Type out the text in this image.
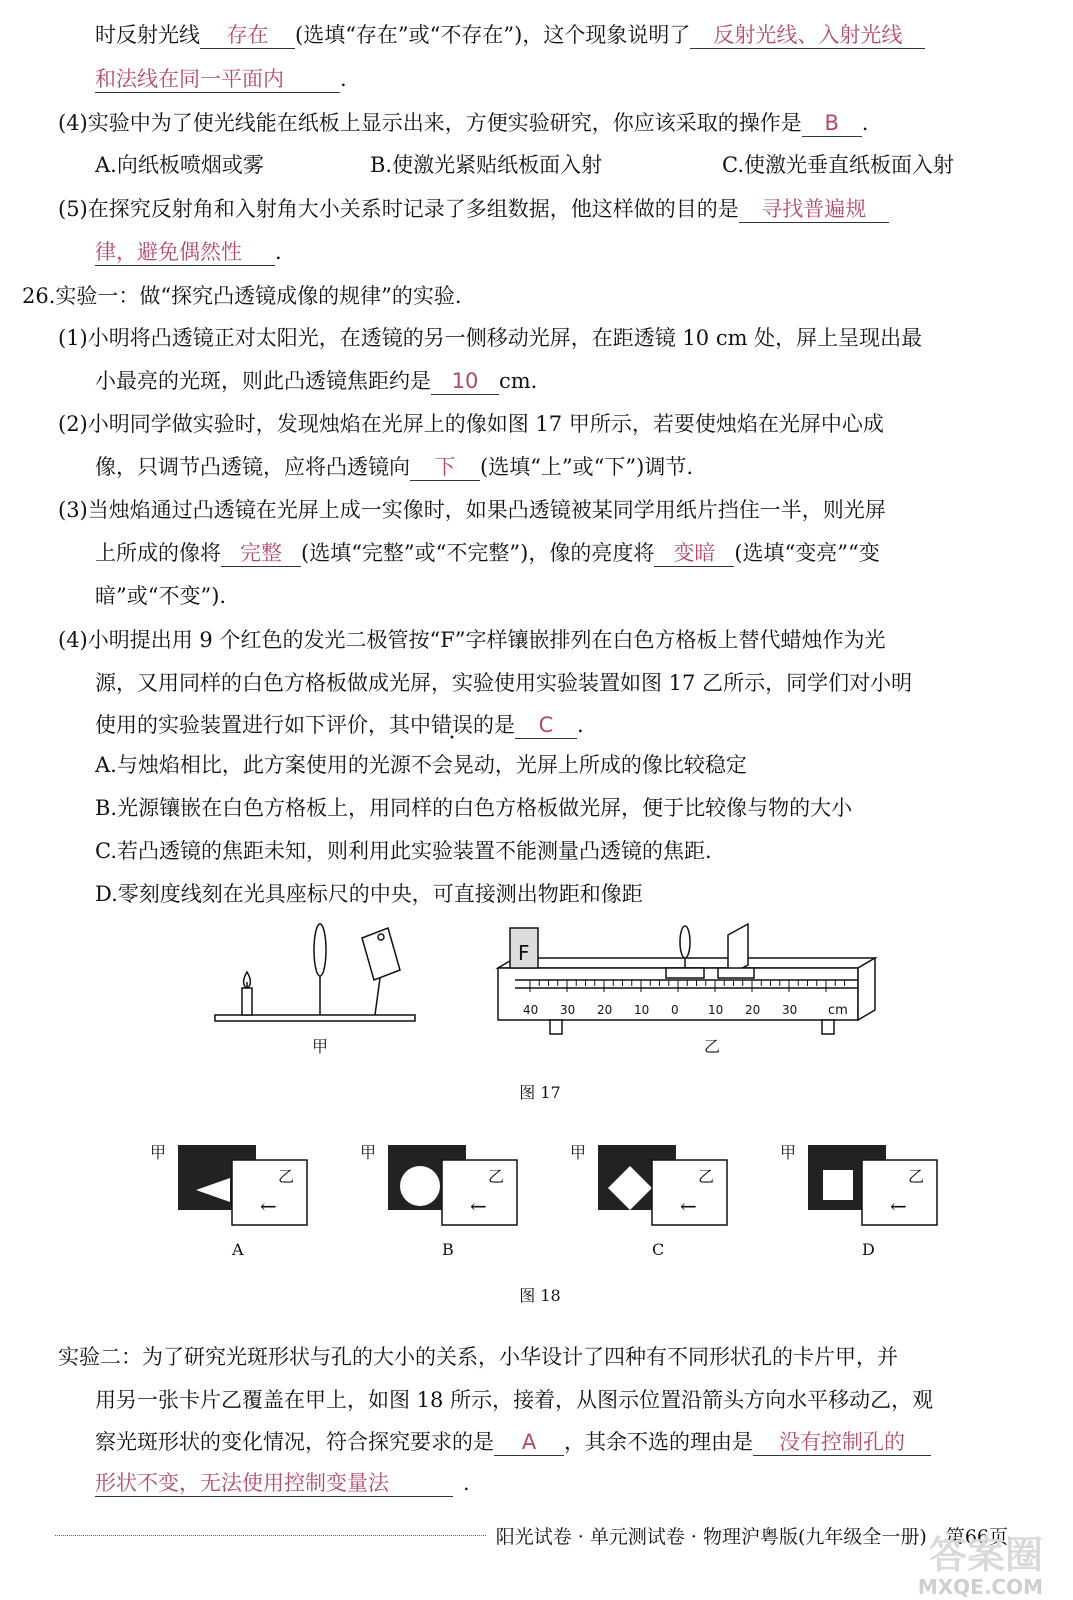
时反射光线 存在 (选填“存在”或“不存在”)，这个现象说明了 反射光线、入射光线
和法线在同一平面内	.
(4)实验中为了使光线能在纸板上显示出来，方便实验研究，你应该采取的操作是 B .
A.向纸板喷烟或雾	B.使激光紧贴纸板面入射	C.使激光垂直纸板面入射
(5)在探究反射角和入射角大小关系时记录了多组数据，他这样做的目的是 寻找普遍规
律，避免偶然性 .
26.实验一：做“探究凸透镜成像的规律”的实验.
(1)小明将凸透镜正对太阳光，在透镜的另一侧移动光屏，在距透镜 10 cm 处，屏上呈现出最
小最亮的光斑，则此凸透镜焦距约是 10 cm.
(2)小明同学做实验时，发现烛焰在光屏上的像如图 17 甲所示，若要使烛焰在光屏中心成
像，只调节凸透镜，应将凸透镜向 下 (选填“上”或“下”)调节.
(3)当烛焰通过凸透镜在光屏上成一实像时，如果凸透镜被某同学用纸片挡住一半，则光屏
上所成的像将 完整 (选填“完整”或“不完整”)，像的亮度将 变暗 (选填“变亮”“变
暗”或“不变”).
(4)小明提出用 9 个红色的发光二极管按“F”字样镶嵌排列在白色方格板上替代蜡烛作为光
源，又用同样的白色方格板做成光屏，实验使用实验装置如图 17 乙所示，同学们对小明
使用的实验装置进行如下评价，其中错误的是 C .
A.与烛焰相比，此方案使用的光源不会晃动，光屏上所成的像比较稳定
B.光源镶嵌在白色方格板上，用同样的白色方格板做光屏，便于比较像与物的大小
C.若凸透镜的焦距未知，则利用此实验装置不能测量凸透镜的焦距.
D.零刻度线刻在光具座标尺的中央，可直接测出物距和像距
F
甲	乙
40 30 20 10 0 10 20 30 cm
图 17
甲
乙
←
A
甲
乙
←
B
甲
乙
←
C
甲
乙
←
D
图 18
实验二：为了研究光斑形状与孔的大小的关系，小华设计了四种有不同形状孔的卡片甲，并
用另一张卡片乙覆盖在甲上，如图 18 所示，接着，从图示位置沿箭头方向水平移动乙，观
察光斑形状的变化情况，符合探究要求的是 A ，其余不选的理由是 没有控制孔的
形状不变，无法使用控制变量法	.
阳光试卷 · 单元测试卷 · 物理沪粤版(九年级全一册)　第66页
答案圈
MXQE.COM
